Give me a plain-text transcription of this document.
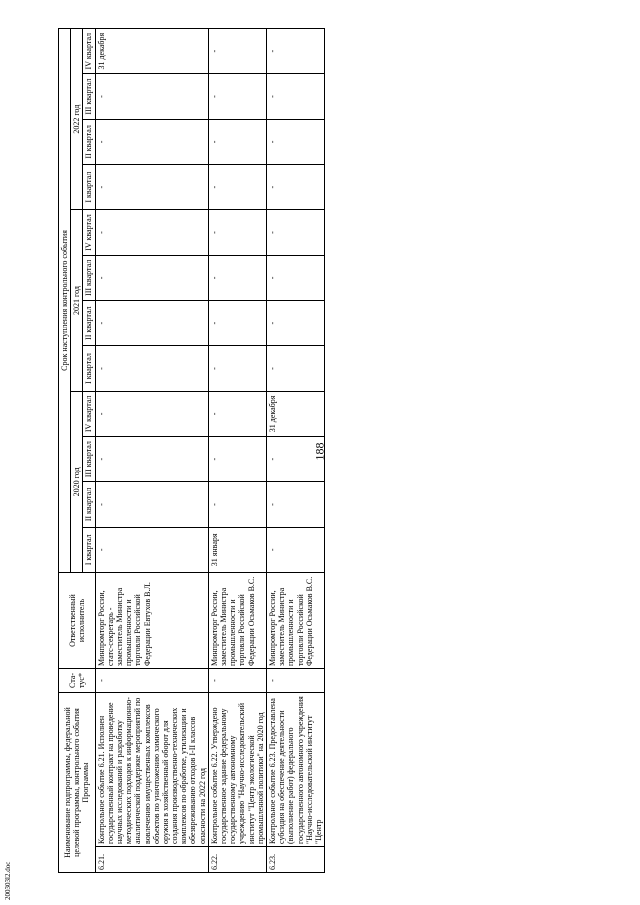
188
Наименование подпрограммы, федеральной целевой программы, контрольного события Программы		Ста-тус*	Ответственный исполнитель	Срок наступления контрольного события											
				2020 год				2021 год				2022 год			
				I квартал	II квартал	III квартал	IV квартал	I квартал	II квартал	III квартал	IV квартал	I квартал	II квартал	III квартал	IV квартал
6.21.	Контрольное событие 6.21. Исполнен государственный контракт на проведение научных исследований и разработку методических подходов к информационно-аналитической поддержке мероприятий по вовлечению имущественных комплексов объектов по уничтожению химического оружия в хозяйственный оборот для создания производственно-технических комплексов по обработке, утилизации и обезвреживанию отходов I-II классов опасности на 2022 год	-	Минпромторг России, статс-секретарь - заместитель Министра промышленности и торговли Российской Федерации Евтухов В.Л.	-	-	-	-	-	-	-	-	-	-	-	31 декабря
6.22.	Контрольное событие 6.22. Утверждено государственное задание федеральному государственному автономному учреждению "Научно-исследовательский институт "Центр экологической промышленной политики" на 2020 год	-	Минпромторг России, заместитель Министра промышленности и торговли Российской Федерации Осьмаков В.С.	31 января	-	-	-	-	-	-	-	-	-	-	-
6.23.	Контрольное событие 6.23. Предоставлена субсидия на обеспечение деятельности (выполнение работ) федерального государственного автономного учреждения "Научно-исследовательский институт "Центр	-	Минпромторг России, заместитель Министра промышленности и торговли Российской Федерации Осьмаков В.С.	-	-	-	31 декабря	-	-	-	-	-	-	-	-
200303l2.doc
